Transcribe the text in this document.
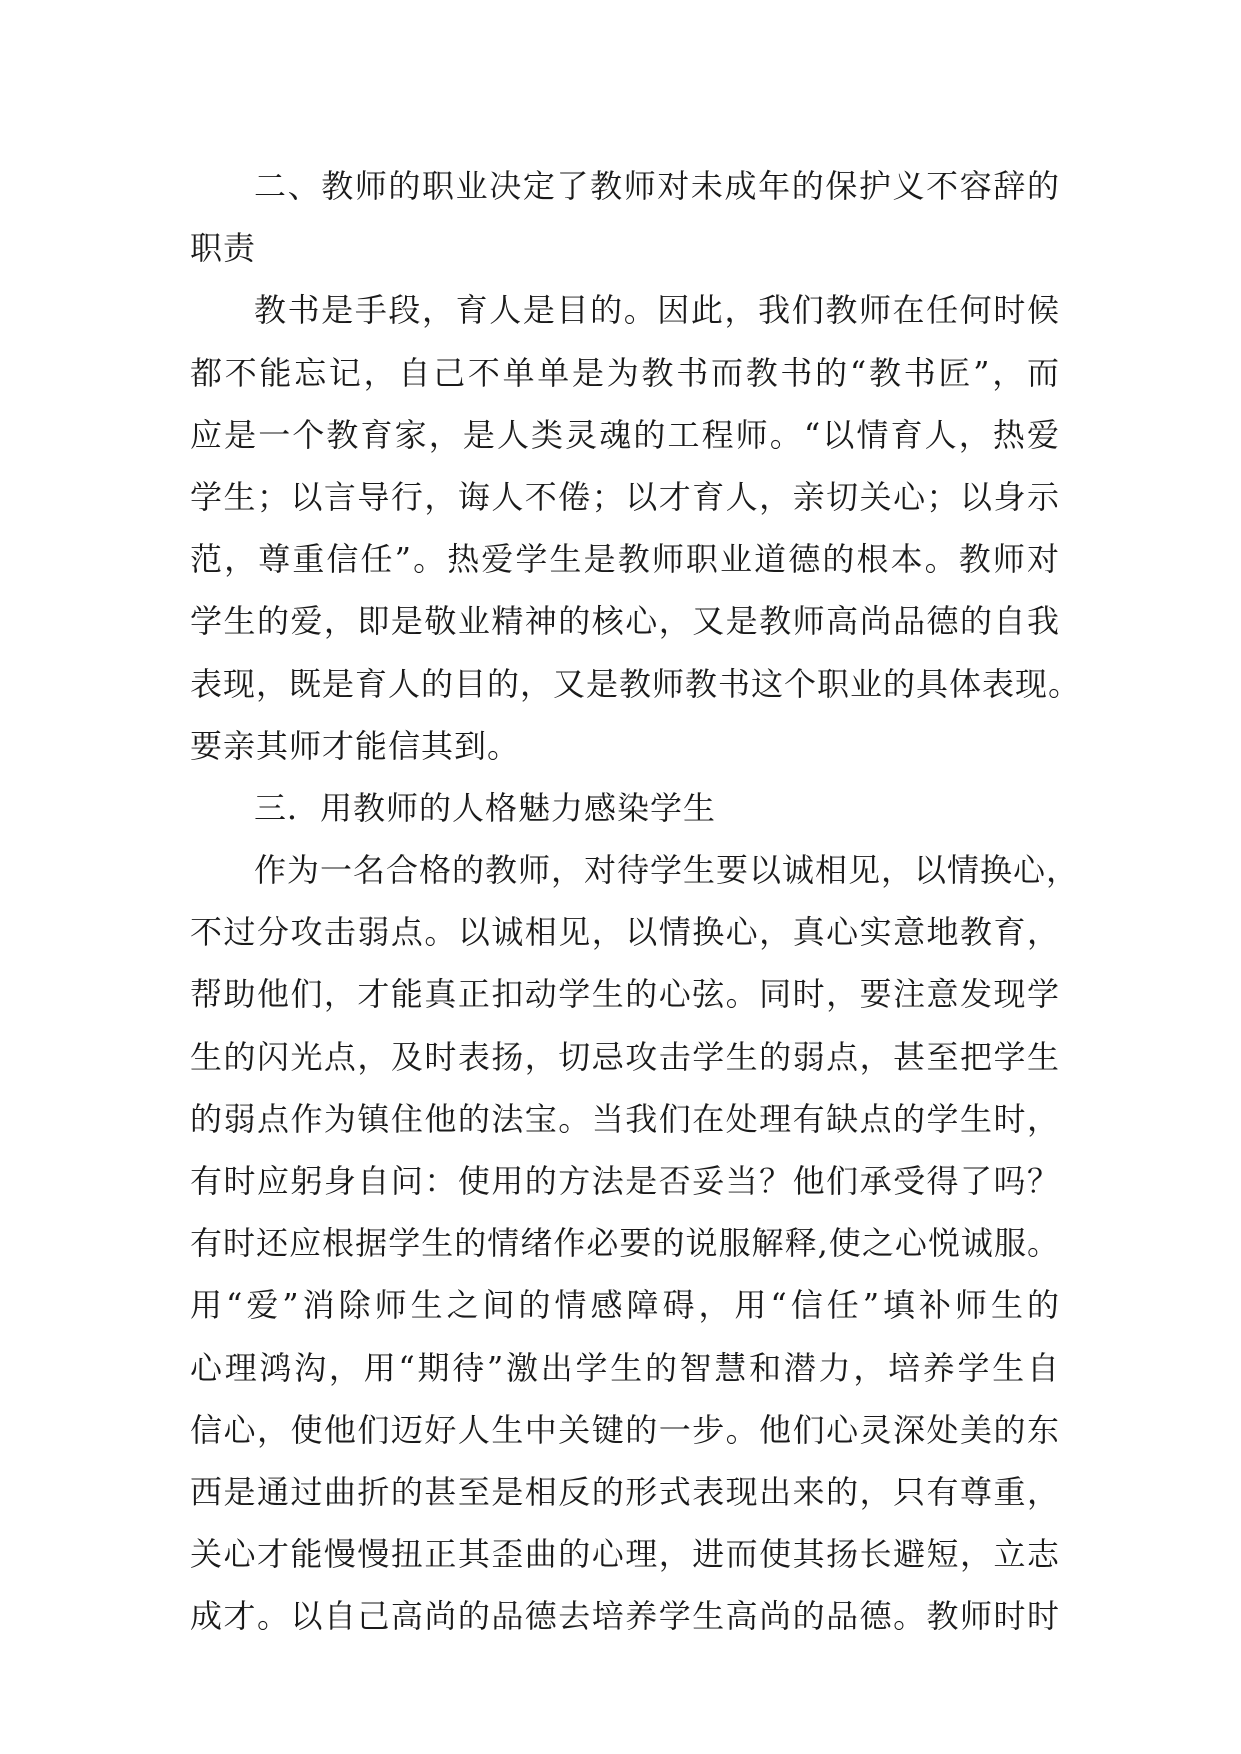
二、教师的职业决定了教师对未成年的保护义不容辞的
职责
教书是手段，育人是目的。因此，我们教师在任何时候
都不能忘记，自己不单单是为教书而教书的“教书匠”，而
应是一个教育家，是人类灵魂的工程师。“以情育人，热爱
学生；以言导行，诲人不倦；以才育人，亲切关心；以身示
范，尊重信任”。热爱学生是教师职业道德的根本。教师对
学生的爱，即是敬业精神的核心，又是教师高尚品德的自我
表现，既是育人的目的，又是教师教书这个职业的具体表现。
要亲其师才能信其到。
三．用教师的人格魅力感染学生
作为一名合格的教师，对待学生要以诚相见，以情换心，
不过分攻击弱点。以诚相见，以情换心，真心实意地教育，
帮助他们，才能真正扣动学生的心弦。同时，要注意发现学
生的闪光点，及时表扬，切忌攻击学生的弱点，甚至把学生
的弱点作为镇住他的法宝。当我们在处理有缺点的学生时，
有时应躬身自问：使用的方法是否妥当？他们承受得了吗？
有时还应根据学生的情绪作必要的说服解释,使之心悦诚服。
用“爱”消除师生之间的情感障碍，用“信任”填补师生的
心理鸿沟，用“期待”激出学生的智慧和潜力，培养学生自
信心，使他们迈好人生中关键的一步。他们心灵深处美的东
西是通过曲折的甚至是相反的形式表现出来的，只有尊重，
关心才能慢慢扭正其歪曲的心理，进而使其扬长避短，立志
成才。以自己高尚的品德去培养学生高尚的品德。教师时时
